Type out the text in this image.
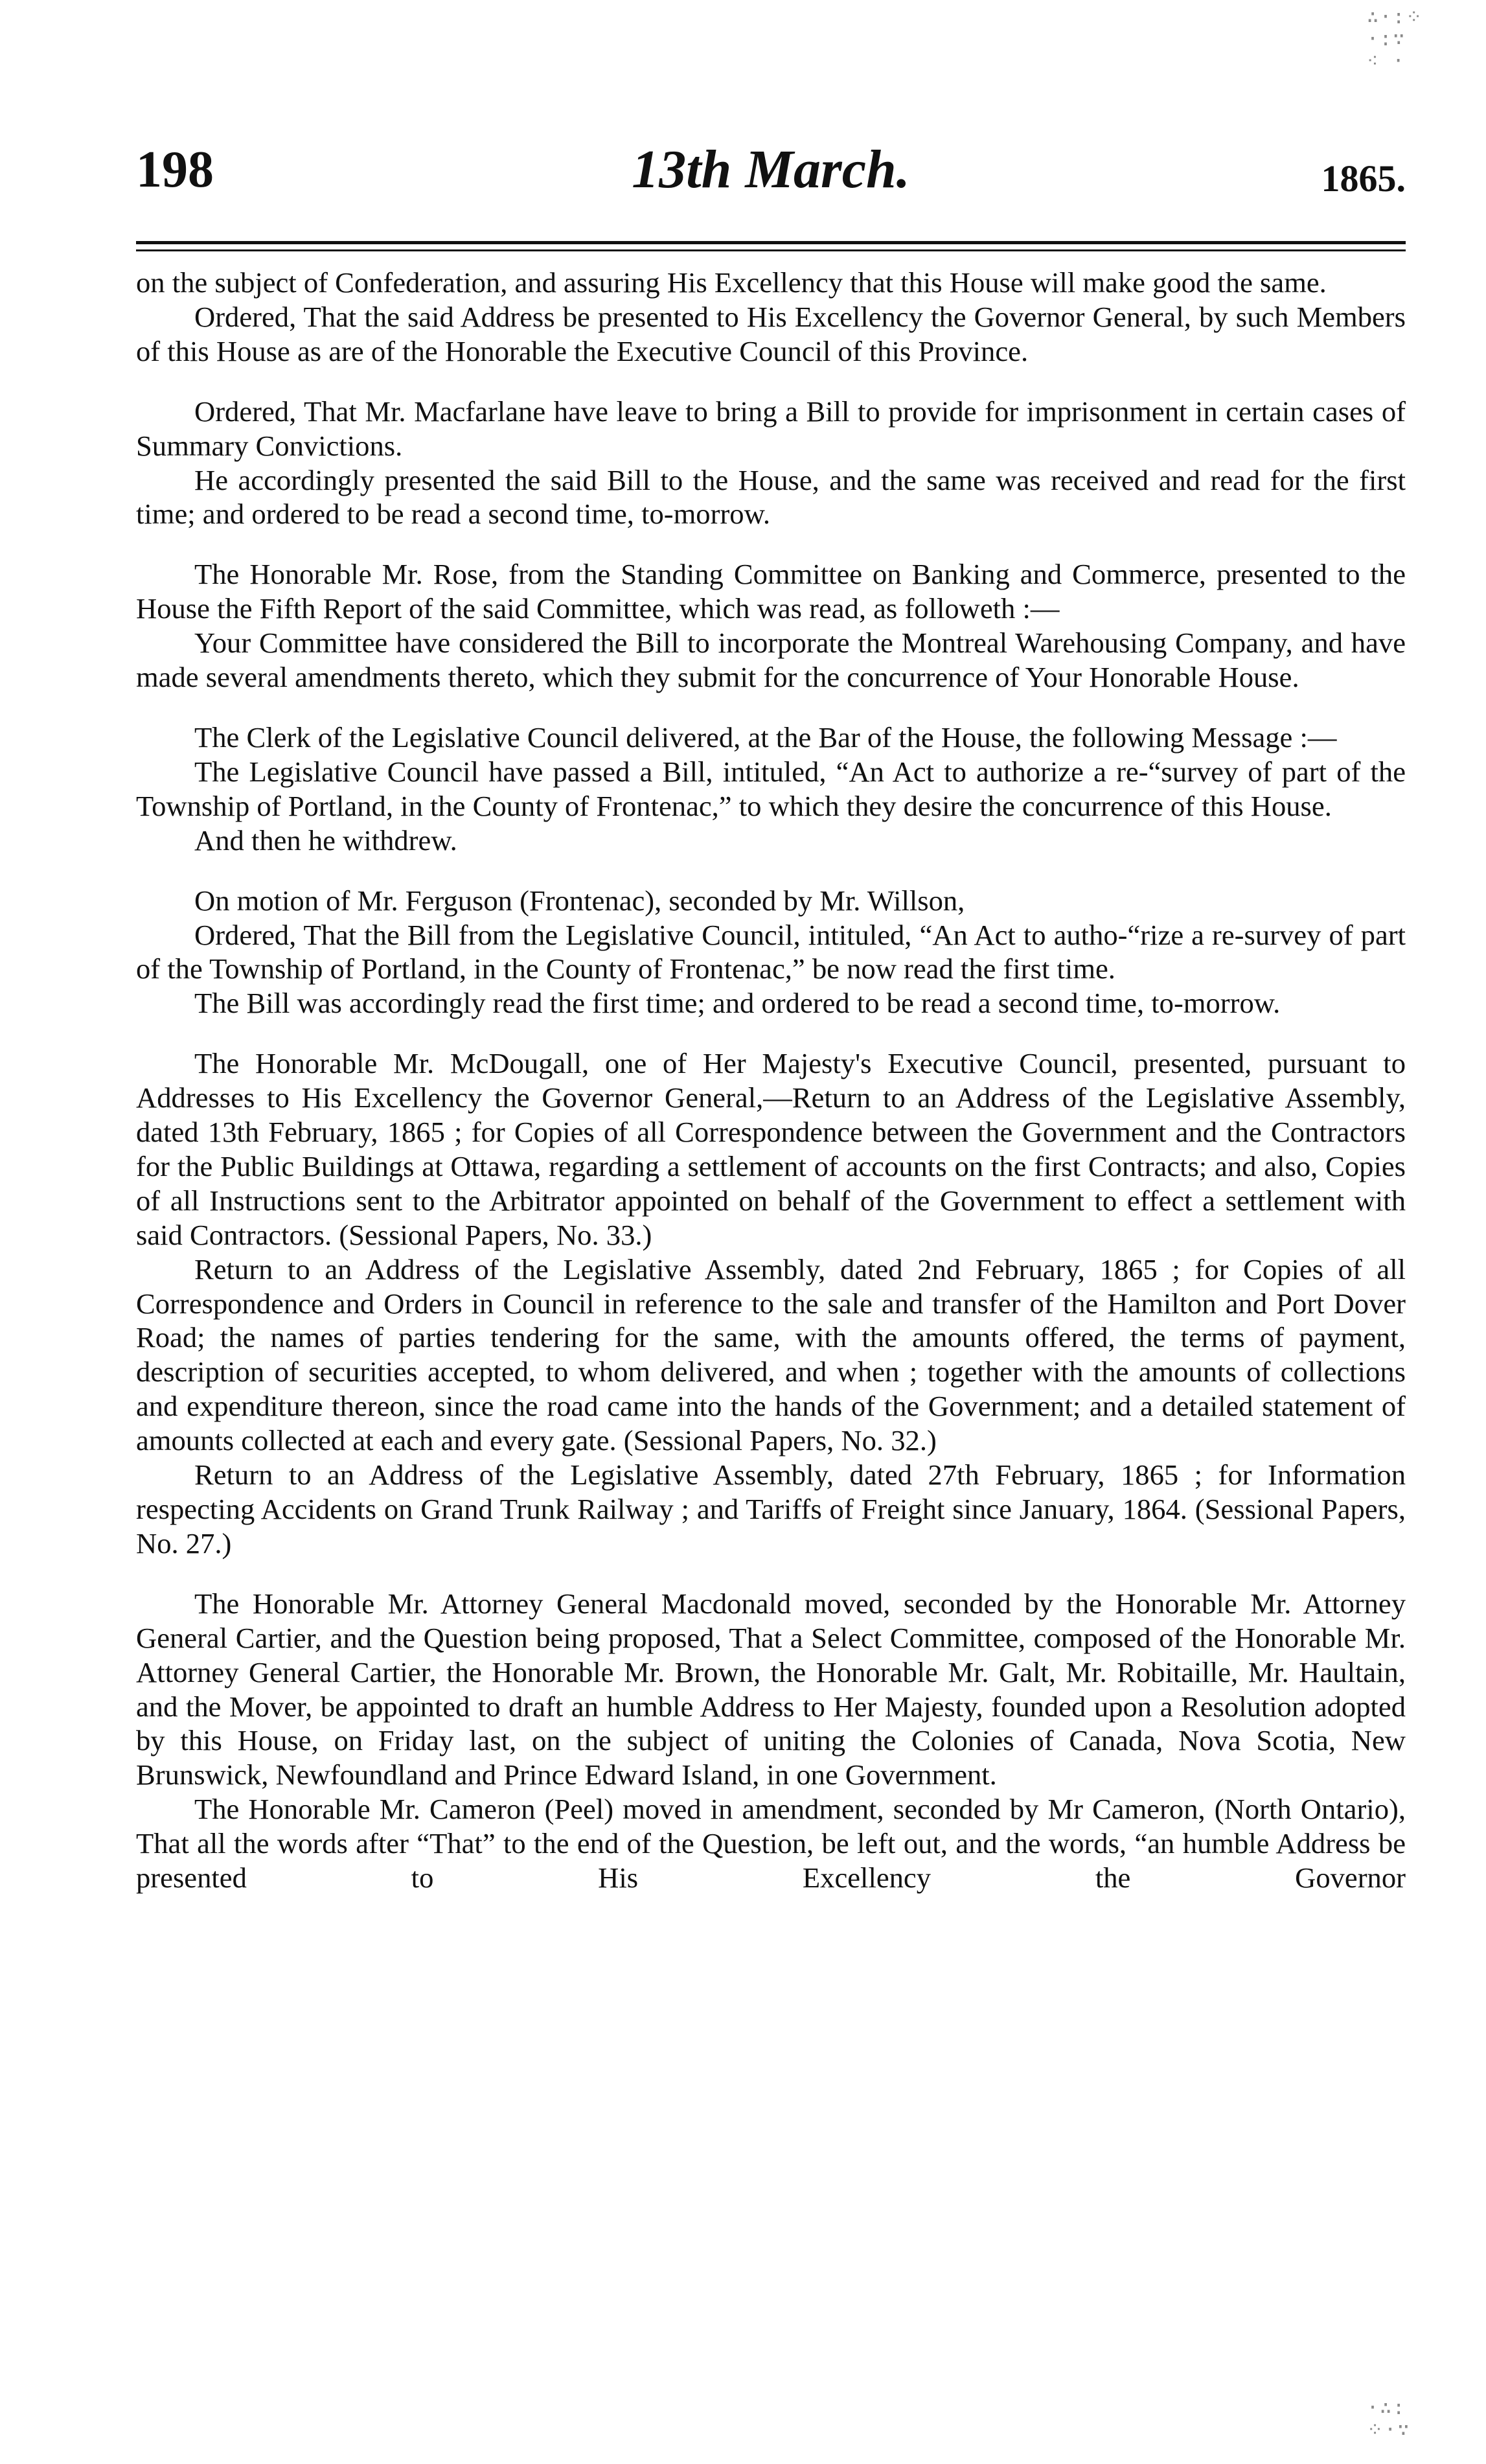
198	13th March.	1865.
∴·:⁘
·:∵
⁖ ·

on the subject of Confederation, and assuring His Excellency that this House will make good the same.

Ordered, That the said Address be presented to His Excellency the Governor General, by such Members of this House as are of the Honorable the Executive Council of this Province.

Ordered, That Mr. Macfarlane have leave to bring a Bill to provide for imprisonment in certain cases of Summary Convictions.

He accordingly presented the said Bill to the House, and the same was received and read for the first time; and ordered to be read a second time, to-morrow.

The Honorable Mr. Rose, from the Standing Committee on Banking and Commerce, presented to the House the Fifth Report of the said Committee, which was read, as followeth :—

Your Committee have considered the Bill to incorporate the Montreal Warehousing Company, and have made several amendments thereto, which they submit for the concurrence of Your Honorable House.

The Clerk of the Legislative Council delivered, at the Bar of the House, the following Message :—

The Legislative Council have passed a Bill, intituled, “An Act to authorize a re-“survey of part of the Township of Portland, in the County of Frontenac,” to which they desire the concurrence of this House.

And then he withdrew.

On motion of Mr. Ferguson (Frontenac), seconded by Mr. Willson,

Ordered, That the Bill from the Legislative Council, intituled, “An Act to autho-“rize a re-survey of part of the Township of Portland, in the County of Frontenac,” be now read the first time.

The Bill was accordingly read the first time; and ordered to be read a second time, to-morrow.

The Honorable Mr. McDougall, one of Her Majesty's Executive Council, presented, pursuant to Addresses to His Excellency the Governor General,—Return to an Address of the Legislative Assembly, dated 13th February, 1865 ; for Copies of all Correspondence between the Government and the Contractors for the Public Buildings at Ottawa, regarding a settlement of accounts on the first Contracts; and also, Copies of all Instructions sent to the Arbitrator appointed on behalf of the Government to effect a settlement with said Contractors. (Sessional Papers, No. 33.)

Return to an Address of the Legislative Assembly, dated 2nd February, 1865 ; for Copies of all Correspondence and Orders in Council in reference to the sale and transfer of the Hamilton and Port Dover Road; the names of parties tendering for the same, with the amounts offered, the terms of payment, description of securities accepted, to whom delivered, and when ; together with the amounts of collections and expenditure thereon, since the road came into the hands of the Government; and a detailed statement of amounts collected at each and every gate. (Sessional Papers, No. 32.)

Return to an Address of the Legislative Assembly, dated 27th February, 1865 ; for Information respecting Accidents on Grand Trunk Railway ; and Tariffs of Freight since January, 1864. (Sessional Papers, No. 27.)

The Honorable Mr. Attorney General Macdonald moved, seconded by the Honorable Mr. Attorney General Cartier, and the Question being proposed, That a Select Committee, composed of the Honorable Mr. Attorney General Cartier, the Honorable Mr. Brown, the Honorable Mr. Galt, Mr. Robitaille, Mr. Haultain, and the Mover, be appointed to draft an humble Address to Her Majesty, founded upon a Resolution adopted by this House, on Friday last, on the subject of uniting the Colonies of Canada, Nova Scotia, New Brunswick, Newfoundland and Prince Edward Island, in one Government.

The Honorable Mr. Cameron (Peel) moved in amendment, seconded by Mr Cameron, (North Ontario), That all the words after “That” to the end of the Question, be left out, and the words, “an humble Address be presented to His Excellency the Governor

·∴:
⁘·∵
